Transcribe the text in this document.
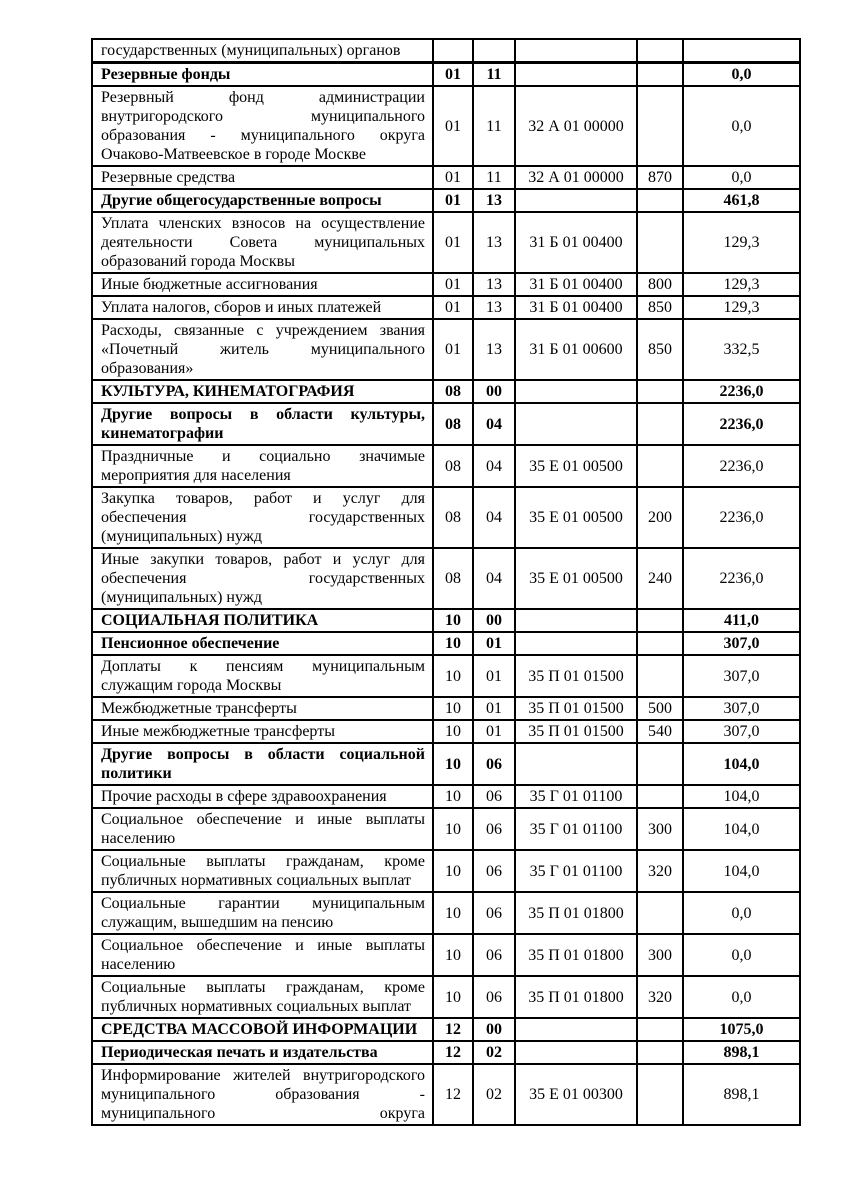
государственных (муниципальных) органов					
Резервные фонды	01	11			0,0
Резервный фонд администрации внутригородского муниципального образования - муниципального округа Очаково-Матвеевское в городе Москве	01	11	32 А 01 00000		0,0
Резервные средства	01	11	32 А 01 00000	870	0,0
Другие общегосударственные вопросы	01	13			461,8
Уплата членских взносов на осуществление деятельности Совета муниципальных образований города Москвы	01	13	31 Б 01 00400		129,3
Иные бюджетные ассигнования	01	13	31 Б 01 00400	800	129,3
Уплата налогов, сборов и иных платежей	01	13	31 Б 01 00400	850	129,3
Расходы, связанные с учреждением звания «Почетный житель муниципального образования»	01	13	31 Б 01 00600	850	332,5
КУЛЬТУРА, КИНЕМАТОГРАФИЯ	08	00			2236,0
Другие вопросы в области культуры, кинематографии	08	04			2236,0
Праздничные и социально значимые мероприятия для населения	08	04	35 Е 01 00500		2236,0
Закупка товаров, работ и услуг для обеспечения государственных (муниципальных) нужд	08	04	35 Е 01 00500	200	2236,0
Иные закупки товаров, работ и услуг для обеспечения государственных (муниципальных) нужд	08	04	35 Е 01 00500	240	2236,0
СОЦИАЛЬНАЯ ПОЛИТИКА	10	00			411,0
Пенсионное обеспечение	10	01			307,0
Доплаты к пенсиям муниципальным служащим города Москвы	10	01	35 П 01 01500		307,0
Межбюджетные трансферты	10	01	35 П 01 01500	500	307,0
Иные межбюджетные трансферты	10	01	35 П 01 01500	540	307,0
Другие вопросы в области социальной политики	10	06			104,0
Прочие расходы в сфере здравоохранения	10	06	35 Г 01 01100		104,0
Социальное обеспечение и иные выплаты населению	10	06	35 Г 01 01100	300	104,0
Социальные выплаты гражданам, кроме публичных нормативных социальных выплат	10	06	35 Г 01 01100	320	104,0
Социальные гарантии муниципальным служащим, вышедшим на пенсию	10	06	35 П 01 01800		0,0
Социальное обеспечение и иные выплаты населению	10	06	35 П 01 01800	300	0,0
Социальные выплаты гражданам, кроме публичных нормативных социальных выплат	10	06	35 П 01 01800	320	0,0
СРЕДСТВА МАССОВОЙ ИНФОРМАЦИИ	12	00			1075,0
Периодическая печать и издательства	12	02			898,1
Информирование жителей внутригородского муниципального образования - муниципального округа	12	02	35 Е 01 00300		898,1
